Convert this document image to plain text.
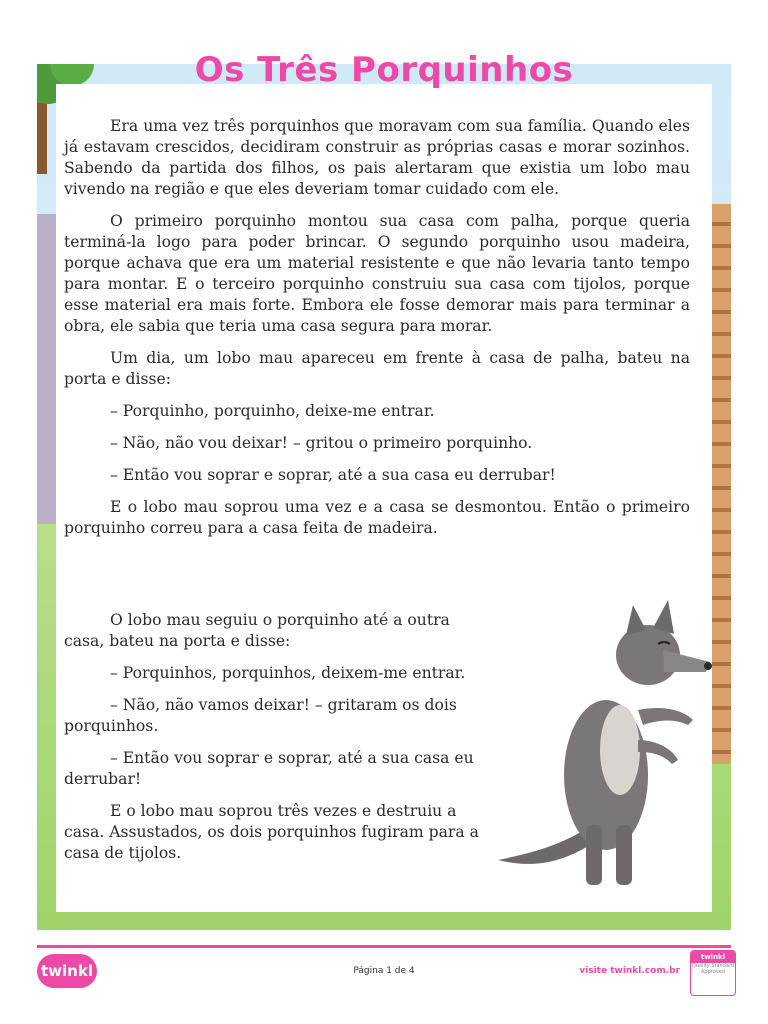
Os Três Porquinhos

Era uma vez três porquinhos que moravam com sua família. Quando eles já estavam crescidos, decidiram construir as próprias casas e morar sozinhos. Sabendo da partida dos filhos, os pais alertaram que existia um lobo mau vivendo na região e que eles deveriam tomar cuidado com ele.

O primeiro porquinho montou sua casa com palha, porque queria terminá-la logo para poder brincar. O segundo porquinho usou madeira, porque achava que era um material resistente e que não levaria tanto tempo para montar. E o terceiro porquinho construiu sua casa com tijolos, porque esse material era mais forte. Embora ele fosse demorar mais para terminar a obra, ele sabia que teria uma casa segura para morar.

Um dia, um lobo mau apareceu em frente à casa de palha, bateu na porta e disse:

– Porquinho, porquinho, deixe-me entrar.

– Não, não vou deixar! – gritou o primeiro porquinho.

– Então vou soprar e soprar, até a sua casa eu derrubar!

E o lobo mau soprou uma vez e a casa se desmontou. Então o primeiro porquinho correu para a casa feita de madeira.

O lobo mau seguiu o porquinho até a outra casa, bateu na porta e disse:

– Porquinhos, porquinhos, deixem-me entrar.

– Não, não vamos deixar! – gritaram os dois porquinhos.

– Então vou soprar e soprar, até a sua casa eu derrubar!

E o lobo mau soprou três vezes e destruiu a casa. Assustados, os dois porquinhos fugiram para a casa de tijolos.

twinkl	Página 1 de 4	visite twinkl.com.br
twinkl
Quality Standard Approved
